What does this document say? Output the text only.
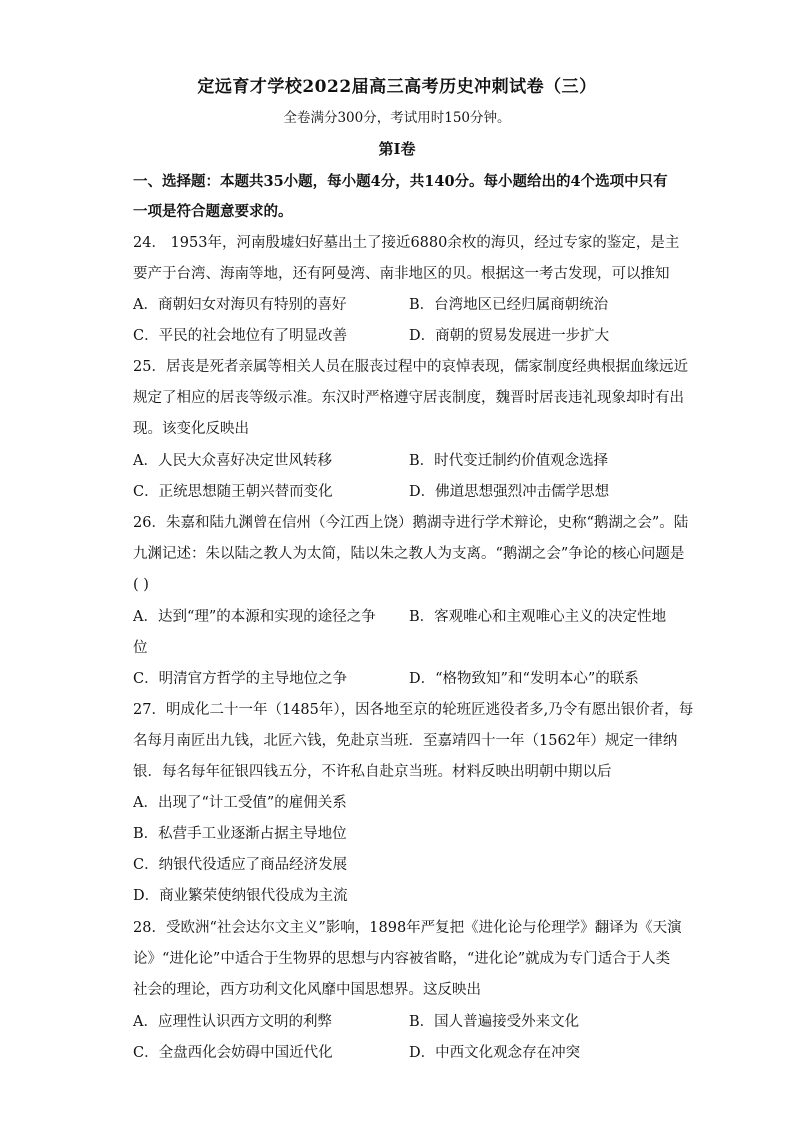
定远育才学校2022届高三高考历史冲刺试卷（三）
全卷满分300分，考试用时150分钟。
第I卷
一、选择题：本题共35小题，每小题4分，共140分。每小题给出的4个选项中只有
一项是符合题意要求的。
24． 1953年，河南殷墟妇好墓出土了接近6880余枚的海贝，经过专家的鉴定，是主
要产于台湾、海南等地，还有阿曼湾、南非地区的贝。根据这一考古发现，可以推知
A．商朝妇女对海贝有特别的喜好	B．台湾地区已经归属商朝统治
C．平民的社会地位有了明显改善	D．商朝的贸易发展进一步扩大
25．居丧是死者亲属等相关人员在服丧过程中的哀悼表现，儒家制度经典根据血缘远近
规定了相应的居丧等级示准。东汉时严格遵守居丧制度，魏晋时居丧违礼现象却时有出
现。该变化反映出
A．人民大众喜好决定世风转移	B．时代变迁制约价值观念选择
C．正统思想随王朝兴替而变化	D．佛道思想强烈冲击儒学思想
26．朱嘉和陆九渊曾在信州（今江西上饶）鹅湖寺进行学术辩论，史称“鹅湖之会”。陆
九渊记述：朱以陆之教人为太简，陆以朱之教人为支离。“鹅湖之会”争论的核心问题是
( )
A．达到“理”的本源和实现的途径之争 B．客观唯心和主观唯心主义的决定性地
位
C．明清官方哲学的主导地位之争	D．“格物致知”和“发明本心”的联系
27．明成化二十一年（1485年），因各地至京的轮班匠逃役者多,乃令有愿出银价者，每
名每月南匠出九钱，北匠六钱，免赴京当班．至嘉靖四十一年（1562年）规定一律纳
银．每名每年征银四钱五分，不许私自赴京当班。材料反映出明朝中期以后
A．出现了“计工受值”的雇佣关系
B．私营手工业逐渐占据主导地位
C．纳银代役适应了商品经济发展
D．商业繁荣使纳银代役成为主流
28．受欧洲“社会达尔文主义”影响，1898年严复把《进化论与伦理学》翻译为《天演
论》“进化论”中适合于生物界的思想与内容被省略，“进化论”就成为专门适合于人类
社会的理论，西方功利文化风靡中国思想界。这反映出
A．应理性认识西方文明的利弊	B．国人普遍接受外来文化
C．全盘西化会妨碍中国近代化	D．中西文化观念存在冲突
